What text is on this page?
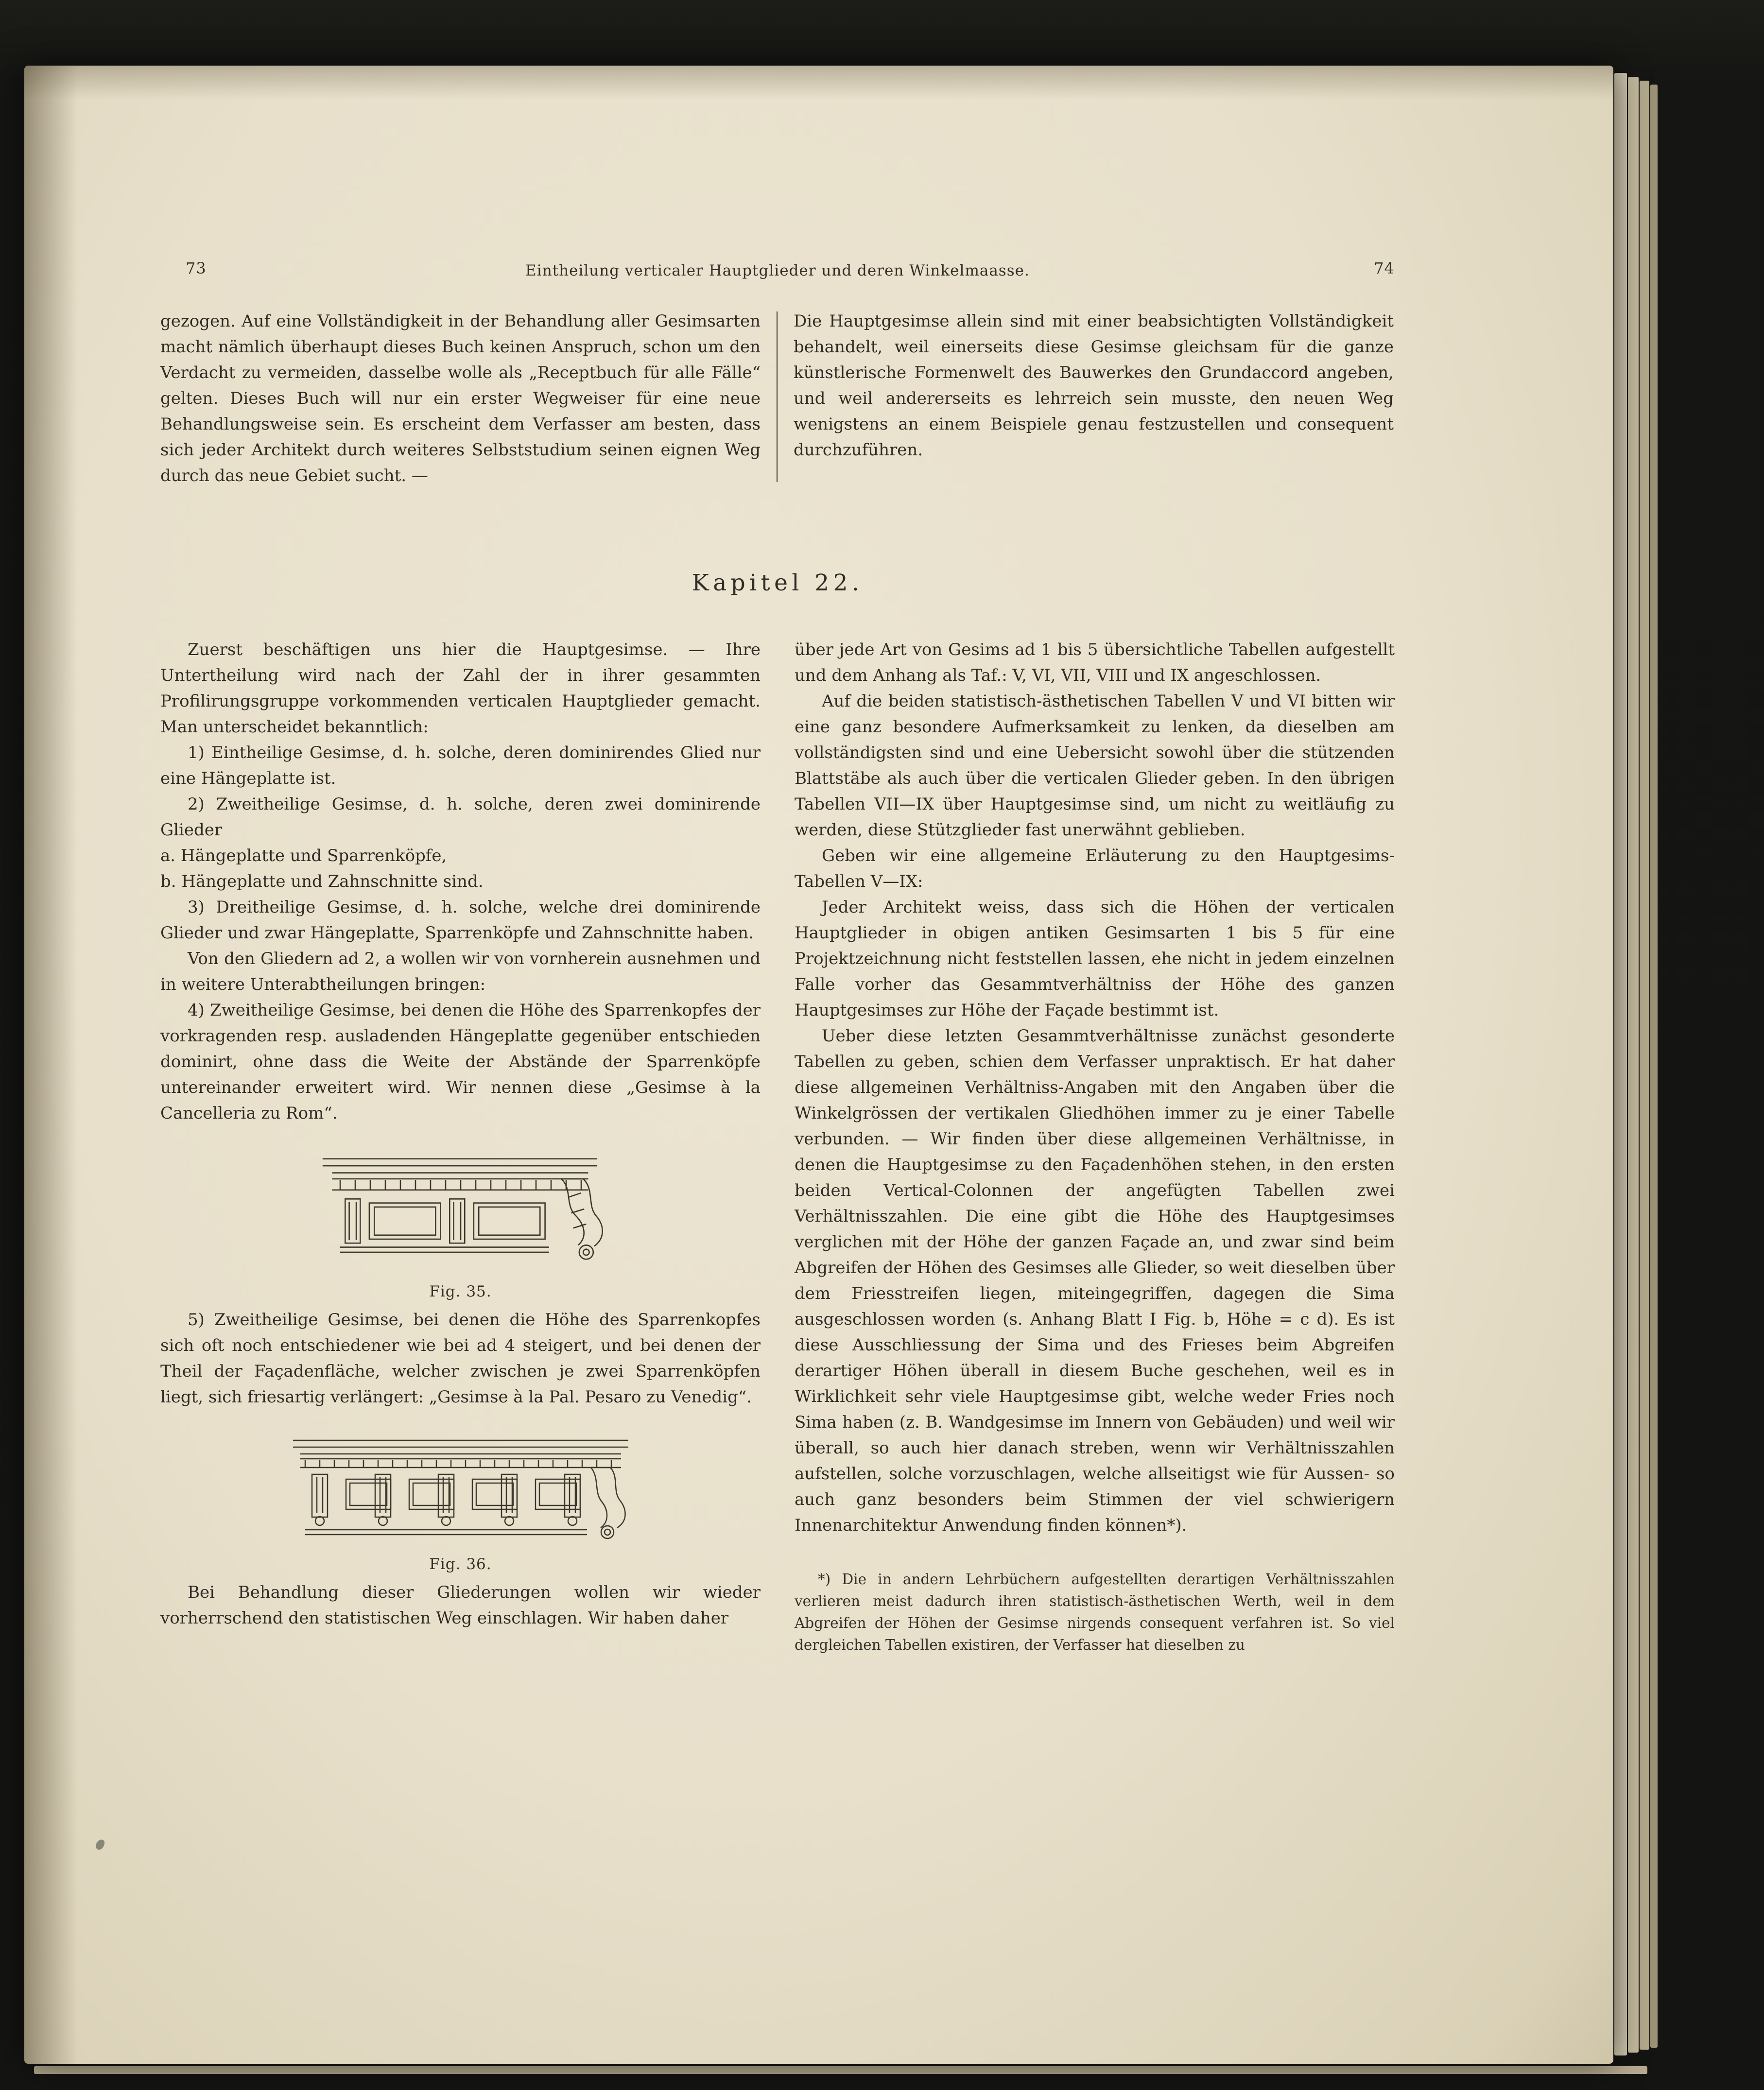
73	Eintheilung verticaler Hauptglieder und deren Winkelmaasse.	74

gezogen. Auf eine Vollständigkeit in der Behandlung aller Gesimsarten macht nämlich überhaupt dieses Buch keinen Anspruch, schon um den Verdacht zu vermeiden, dasselbe wolle als „Receptbuch für alle Fälle“ gelten. Dieses Buch will nur ein erster Wegweiser für eine neue Behandlungsweise sein. Es erscheint dem Verfasser am besten, dass sich jeder Architekt durch weiteres Selbststudium seinen eignen Weg durch das neue Gebiet sucht. —

Die Hauptgesimse allein sind mit einer beabsichtigten Vollständigkeit behandelt, weil einerseits diese Gesimse gleichsam für die ganze künstlerische Formenwelt des Bauwerkes den Grundaccord angeben, und weil andererseits es lehrreich sein musste, den neuen Weg wenigstens an einem Beispiele genau festzustellen und consequent durchzuführen.

Kapitel 22.

Zuerst beschäftigen uns hier die Hauptgesimse. — Ihre Untertheilung wird nach der Zahl der in ihrer gesammten Profilirungsgruppe vorkommenden verticalen Hauptglieder gemacht. Man unterscheidet bekanntlich:

1) Eintheilige Gesimse, d. h. solche, deren dominirendes Glied nur eine Hängeplatte ist.

2) Zweitheilige Gesimse, d. h. solche, deren zwei dominirende Glieder

a. Hängeplatte und Sparrenköpfe,

b. Hängeplatte und Zahnschnitte sind.

3) Dreitheilige Gesimse, d. h. solche, welche drei dominirende Glieder und zwar Hängeplatte, Sparrenköpfe und Zahnschnitte haben.

Von den Gliedern ad 2, a wollen wir von vornherein ausnehmen und in weitere Unterabtheilungen bringen:

4) Zweitheilige Gesimse, bei denen die Höhe des Sparrenkopfes der vorkragenden resp. ausladenden Hängeplatte gegenüber entschieden dominirt, ohne dass die Weite der Abstände der Sparrenköpfe untereinander erweitert wird. Wir nennen diese „Gesimse à la Cancelleria zu Rom“.

Fig. 35.

5) Zweitheilige Gesimse, bei denen die Höhe des Sparrenkopfes sich oft noch entschiedener wie bei ad 4 steigert, und bei denen der Theil der Façadenfläche, welcher zwischen je zwei Sparrenköpfen liegt, sich friesartig verlängert: „Gesimse à la Pal. Pesaro zu Venedig“.

Fig. 36.

Bei Behandlung dieser Gliederungen wollen wir wieder vorherrschend den statistischen Weg einschlagen. Wir haben daher

über jede Art von Gesims ad 1 bis 5 übersichtliche Tabellen aufgestellt und dem Anhang als Taf.: V, VI, VII, VIII und IX angeschlossen.

Auf die beiden statistisch-ästhetischen Tabellen V und VI bitten wir eine ganz besondere Aufmerksamkeit zu lenken, da dieselben am vollständigsten sind und eine Uebersicht sowohl über die stützenden Blattstäbe als auch über die verticalen Glieder geben. In den übrigen Tabellen VII—IX über Hauptgesimse sind, um nicht zu weitläufig zu werden, diese Stützglieder fast unerwähnt geblieben.

Geben wir eine allgemeine Erläuterung zu den Hauptgesims-Tabellen V—IX:

Jeder Architekt weiss, dass sich die Höhen der verticalen Hauptglieder in obigen antiken Gesimsarten 1 bis 5 für eine Projektzeichnung nicht feststellen lassen, ehe nicht in jedem einzelnen Falle vorher das Gesammtverhältniss der Höhe des ganzen Hauptgesimses zur Höhe der Façade bestimmt ist.

Ueber diese letzten Gesammtverhältnisse zunächst gesonderte Tabellen zu geben, schien dem Verfasser unpraktisch. Er hat daher diese allgemeinen Verhältniss-Angaben mit den Angaben über die Winkelgrössen der vertikalen Gliedhöhen immer zu je einer Tabelle verbunden. — Wir finden über diese allgemeinen Verhältnisse, in denen die Hauptgesimse zu den Façadenhöhen stehen, in den ersten beiden Vertical-Colonnen der angefügten Tabellen zwei Verhältnisszahlen. Die eine gibt die Höhe des Hauptgesimses verglichen mit der Höhe der ganzen Façade an, und zwar sind beim Abgreifen der Höhen des Gesimses alle Glieder, so weit dieselben über dem Friesstreifen liegen, miteingegriffen, dagegen die Sima ausgeschlossen worden (s. Anhang Blatt I Fig. b, Höhe = c d). Es ist diese Ausschliessung der Sima und des Frieses beim Abgreifen derartiger Höhen überall in diesem Buche geschehen, weil es in Wirklichkeit sehr viele Hauptgesimse gibt, welche weder Fries noch Sima haben (z. B. Wandgesimse im Innern von Gebäuden) und weil wir überall, so auch hier danach streben, wenn wir Verhältnisszahlen aufstellen, solche vorzuschlagen, welche allseitigst wie für Aussen- so auch ganz besonders beim Stimmen der viel schwierigern Innenarchitektur Anwendung finden können*).

*) Die in andern Lehrbüchern aufgestellten derartigen Verhältnisszahlen verlieren meist dadurch ihren statistisch-ästhetischen Werth, weil in dem Abgreifen der Höhen der Gesimse nirgends consequent verfahren ist. So viel dergleichen Tabellen existiren, der Verfasser hat dieselben zu
